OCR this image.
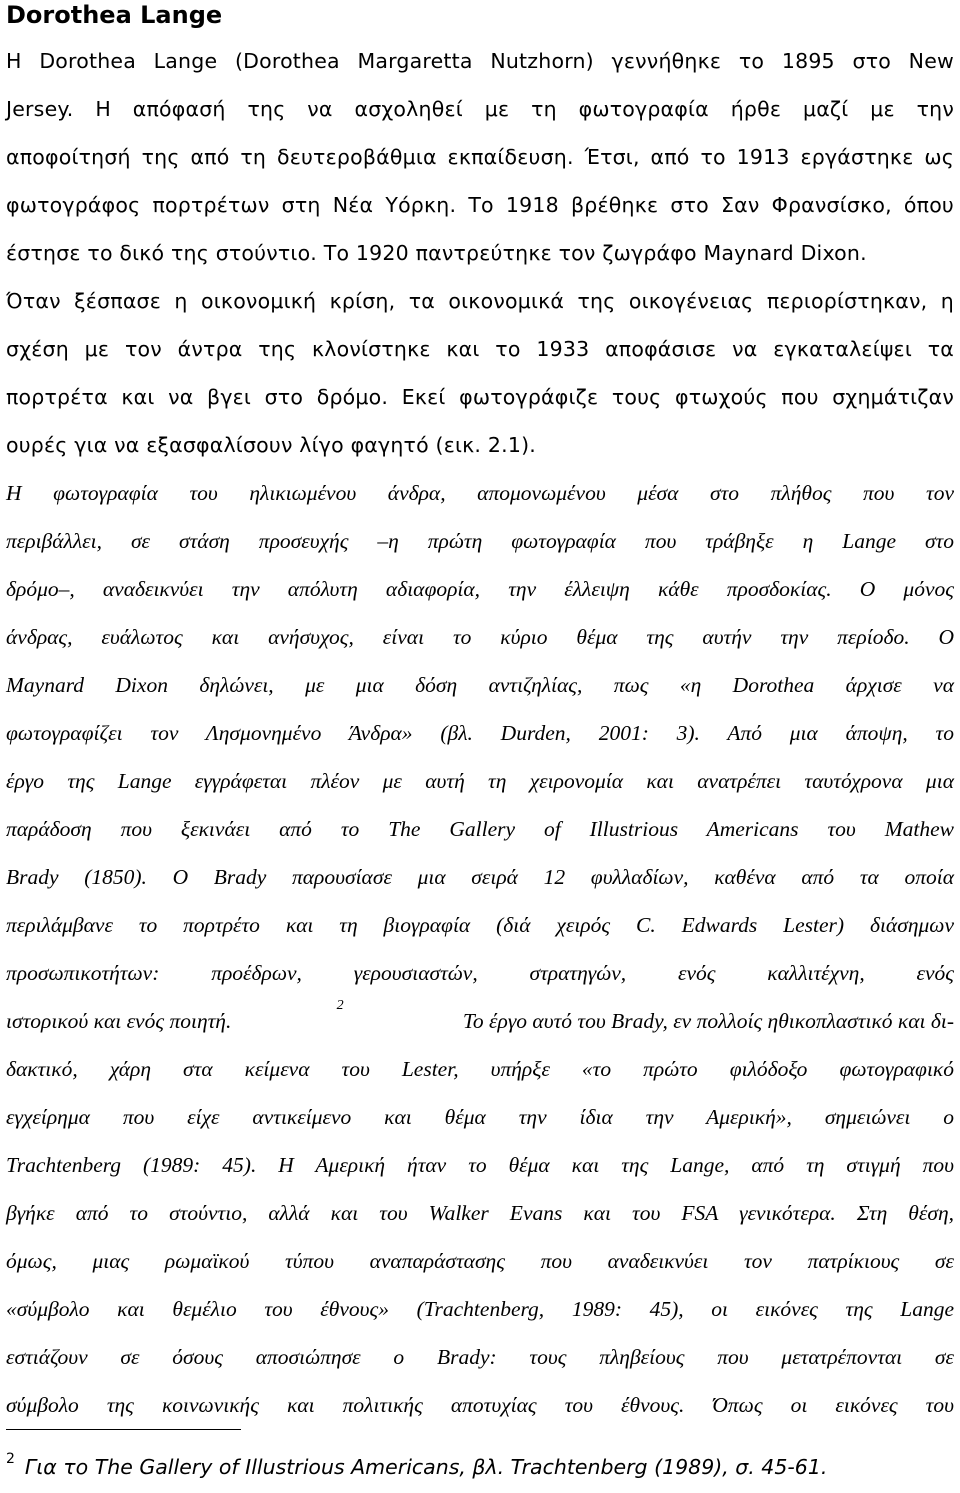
Dorothea Lange
Η Dorothea Lange (Dorothea Margaretta Nutzhorn) γεννήθηκε το 1895 στο New
Jersey. Η απόφασή της να ασχοληθεί με τη φωτογραφία ήρθε μαζί με την
αποφοίτησή της από τη δευτεροβάθμια εκπαίδευση. Έτσι, από το 1913 εργάστηκε ως
φωτογράφος πορτρέτων στη Νέα Υόρκη. Το 1918 βρέθηκε στο Σαν Φρανσίσκο, όπου
έστησε το δικό της στούντιο. Το 1920 παντρεύτηκε τον ζωγράφο Maynard Dixon.
Όταν ξέσπασε η οικονομική κρίση, τα οικονομικά της οικογένειας περιορίστηκαν, η
σχέση με τον άντρα της κλονίστηκε και το 1933 αποφάσισε να εγκαταλείψει τα
πορτρέτα και να βγει στο δρόμο. Εκεί φωτογράφιζε τους φτωχούς που σχημάτιζαν
ουρές για να εξασφαλίσουν λίγο φαγητό (εικ. 2.1).
Η φωτογραφία του ηλικιωμένου άνδρα, απομονωμένου μέσα στο πλήθος που τον
περιβάλλει, σε στάση προσευχής –η πρώτη φωτογραφία που τράβηξε η Lange στο
δρόμο–, αναδεικνύει την απόλυτη αδιαφορία, την έλλειψη κάθε προσδοκίας. Ο μόνος
άνδρας, ευάλωτος και ανήσυχος, είναι το κύριο θέμα της αυτήν την περίοδο. Ο
Maynard Dixon δηλώνει, με μια δόση αντιζηλίας, πως «η Dorothea άρχισε να
φωτογραφίζει τον Λησμονημένο Άνδρα» (βλ. Durden, 2001: 3). Από μια άποψη, το
έργο της Lange εγγράφεται πλέον με αυτή τη χειρονομία και ανατρέπει ταυτόχρονα μια
παράδοση που ξεκινάει από το The Gallery of Illustrious Americans του Mathew
Brady (1850). Ο Brady παρουσίασε μια σειρά 12 φυλλαδίων, καθένα από τα οποία
περιλάμβανε το πορτρέτο και τη βιογραφία (διά χειρός C. Edwards Lester) διάσημων
προσωπικοτήτων: προέδρων, γερουσιαστών, στρατηγών, ενός καλλιτέχνη, ενός
ιστορικού και ενός ποιητή.
2
Το έργο αυτό του Brady, εν πολλοίς ηθικοπλαστικό και δι-
δακτικό, χάρη στα κείμενα του Lester, υπήρξε «το πρώτο φιλόδοξο φωτογραφικό
εγχείρημα που είχε αντικείμενο και θέμα την ίδια την Αμερική», σημειώνει ο
Trachtenberg (1989: 45). Η Αμερική ήταν το θέμα και της Lange, από τη στιγμή που
βγήκε από το στούντιο, αλλά και του Walker Evans και του FSA γενικότερα. Στη θέση,
όμως, μιας ρωμαϊκού τύπου αναπαράστασης που αναδεικνύει τον πατρίκιους σε
«σύμβολο και θεμέλιο του έθνους» (Trachtenberg, 1989: 45), οι εικόνες της Lange
εστιάζουν σε όσους αποσιώπησε ο Brady: τους πληβείους που μετατρέπονται σε
σύμβολο της κοινωνικής και πολιτικής αποτυχίας του έθνους. Όπως οι εικόνες του
$^2$ Για το The Gallery of Illustrious Americans, βλ. Trachtenberg (1989), σ. 45-61.
